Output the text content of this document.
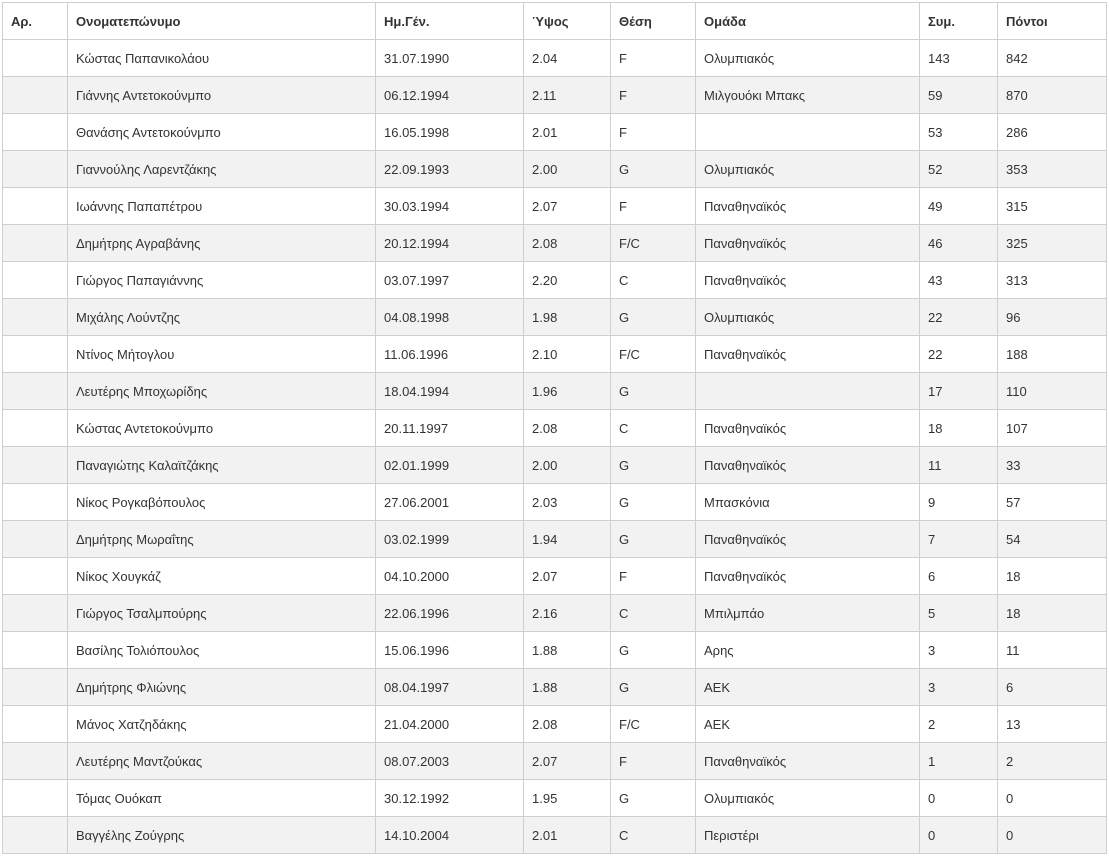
Αρ.	Ονοματεπώνυμο	Ημ.Γέν.	Ύψος	Θέση	Ομάδα	Συμ.	Πόντοι
	Κώστας Παπανικολάου	31.07.1990	2.04	F	Ολυμπιακός	143	842
	Γιάννης Αντετοκούνμπο	06.12.1994	2.11	F	Μιλγουόκι Μπακς	59	870
	Θανάσης Αντετοκούνμπο	16.05.1998	2.01	F		53	286
	Γιαννούλης Λαρεντζάκης	22.09.1993	2.00	G	Ολυμπιακός	52	353
	Ιωάννης Παπαπέτρου	30.03.1994	2.07	F	Παναθηναϊκός	49	315
	Δημήτρης Αγραβάνης	20.12.1994	2.08	F/C	Παναθηναϊκός	46	325
	Γιώργος Παπαγιάννης	03.07.1997	2.20	C	Παναθηναϊκός	43	313
	Μιχάλης Λούντζης	04.08.1998	1.98	G	Ολυμπιακός	22	96
	Ντίνος Μήτογλου	11.06.1996	2.10	F/C	Παναθηναϊκός	22	188
	Λευτέρης Μποχωρίδης	18.04.1994	1.96	G		17	110
	Κώστας Αντετοκούνμπο	20.11.1997	2.08	C	Παναθηναϊκός	18	107
	Παναγιώτης Καλαϊτζάκης	02.01.1999	2.00	G	Παναθηναϊκός	11	33
	Νίκος Ρογκαβόπουλος	27.06.2001	2.03	G	Μπασκόνια	9	57
	Δημήτρης Μωραΐτης	03.02.1999	1.94	G	Παναθηναϊκός	7	54
	Νίκος Χουγκάζ	04.10.2000	2.07	F	Παναθηναϊκός	6	18
	Γιώργος Τσαλμπούρης	22.06.1996	2.16	C	Μπιλμπάο	5	18
	Βασίλης Τολιόπουλος	15.06.1996	1.88	G	Αρης	3	11
	Δημήτρης Φλιώνης	08.04.1997	1.88	G	ΑΕΚ	3	6
	Μάνος Χατζηδάκης	21.04.2000	2.08	F/C	ΑΕΚ	2	13
	Λευτέρης Μαντζούκας	08.07.2003	2.07	F	Παναθηναϊκός	1	2
	Τόμας Ουόκαπ	30.12.1992	1.95	G	Ολυμπιακός	0	0
	Βαγγέλης Ζούγρης	14.10.2004	2.01	C	Περιστέρι	0	0
